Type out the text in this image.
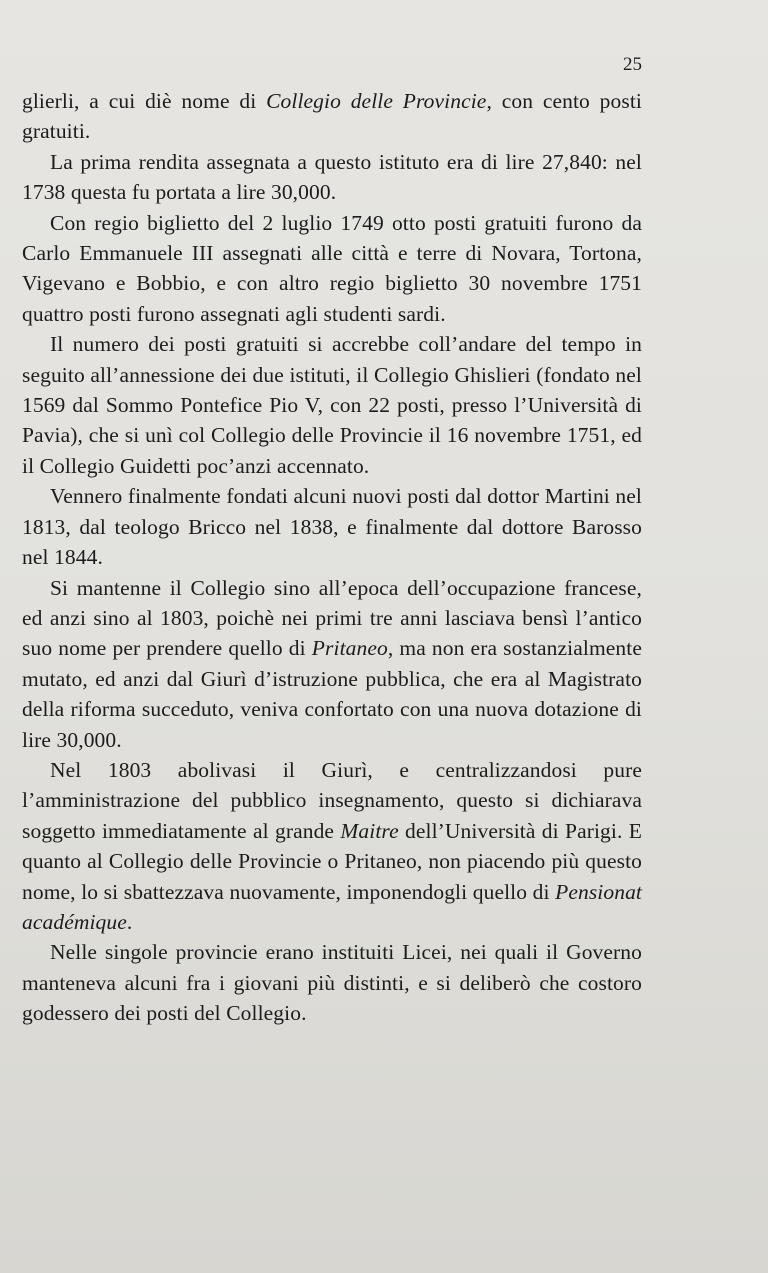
25

glierli, a cui diè nome di Collegio delle Provincie, con cento posti gratuiti.

La prima rendita assegnata a questo istituto era di lire 27,840: nel 1738 questa fu portata a lire 30,000.

Con regio biglietto del 2 luglio 1749 otto posti gratuiti furono da Carlo Emmanuele III assegnati alle città e terre di Novara, Tortona, Vigevano e Bobbio, e con altro regio biglietto 30 novembre 1751 quattro posti furono assegnati agli studenti sardi.

Il numero dei posti gratuiti si accrebbe coll’andare del tempo in seguito all’annessione dei due istituti, il Collegio Ghislieri (fondato nel 1569 dal Sommo Pontefice Pio V, con 22 posti, presso l’Università di Pavia), che si unì col Collegio delle Provincie il 16 novembre 1751, ed il Collegio Guidetti poc’anzi accennato.

Vennero finalmente fondati alcuni nuovi posti dal dottor Martini nel 1813, dal teologo Bricco nel 1838, e finalmente dal dottore Barosso nel 1844.

Si mantenne il Collegio sino all’epoca dell’occupazione francese, ed anzi sino al 1803, poichè nei primi tre anni lasciava bensì l’antico suo nome per prendere quello di Pritaneo, ma non era sostanzialmente mutato, ed anzi dal Giurì d’istruzione pubblica, che era al Magistrato della riforma succeduto, veniva confortato con una nuova dotazione di lire 30,000.

Nel 1803 abolivasi il Giurì, e centralizzandosi pure l’amministrazione del pubblico insegnamento, questo si dichiarava soggetto immediatamente al grande Maitre dell’Università di Parigi. E quanto al Collegio delle Provincie o Pritaneo, non piacendo più questo nome, lo si sbattezzava nuovamente, imponendogli quello di Pensionat académique.

Nelle singole provincie erano instituiti Licei, nei quali il Governo manteneva alcuni fra i giovani più distinti, e si deliberò che costoro godessero dei posti del Collegio.
